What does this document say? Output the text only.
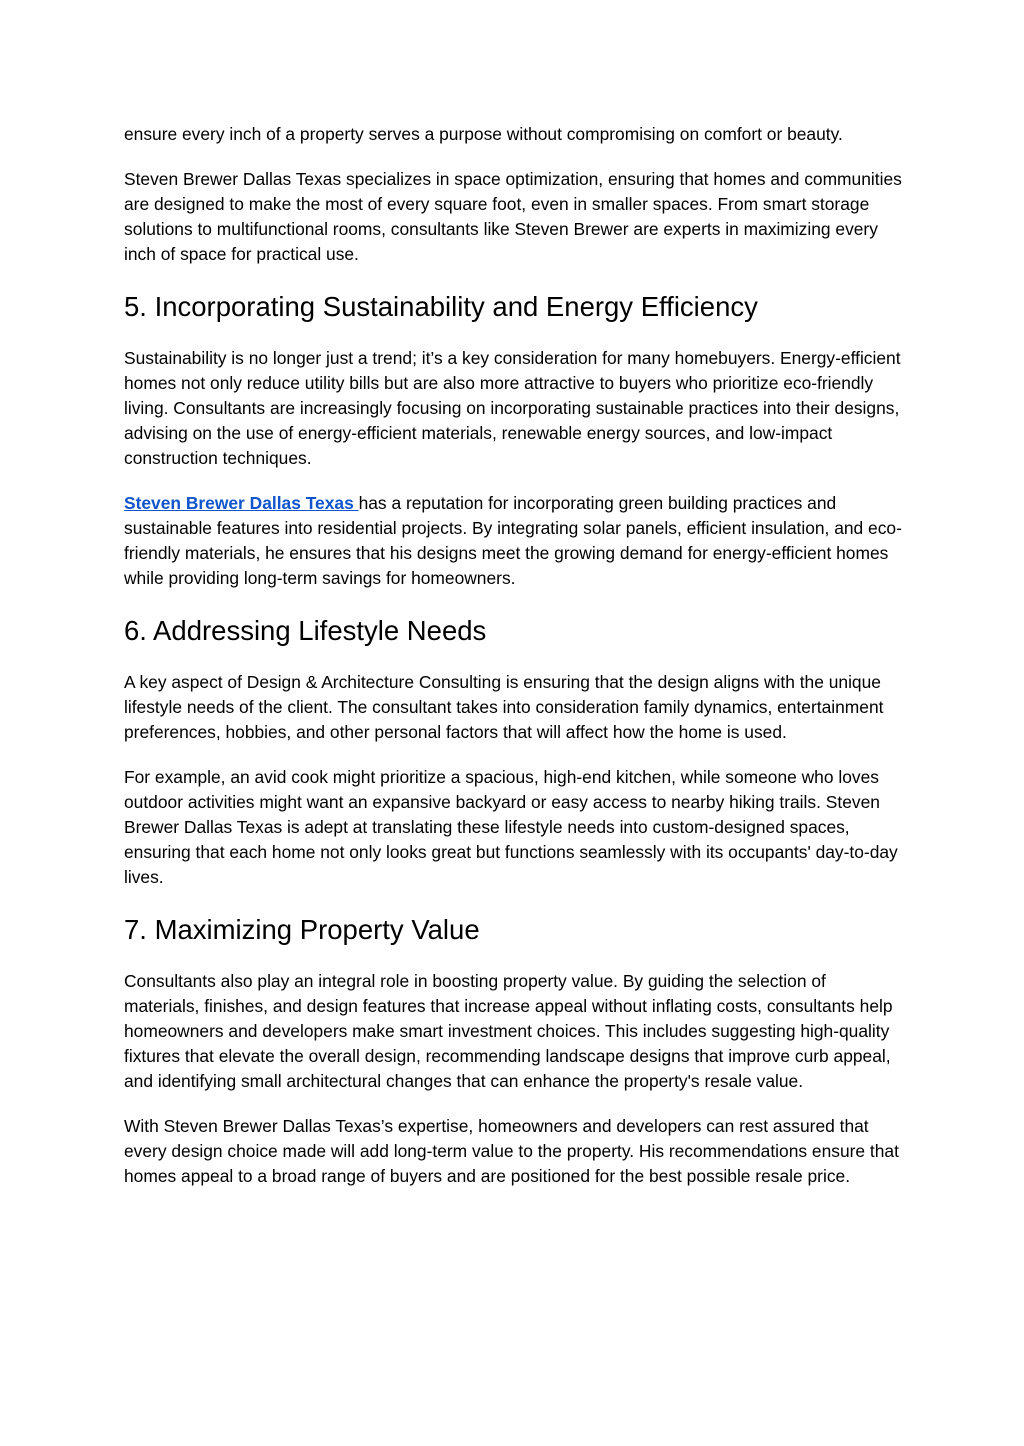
ensure every inch of a property serves a purpose without compromising on comfort or beauty.

Steven Brewer Dallas Texas specializes in space optimization, ensuring that homes and communities are designed to make the most of every square foot, even in smaller spaces. From smart storage solutions to multifunctional rooms, consultants like Steven Brewer are experts in maximizing every inch of space for practical use.

5. Incorporating Sustainability and Energy Efficiency

Sustainability is no longer just a trend; it’s a key consideration for many homebuyers. Energy-efficient homes not only reduce utility bills but are also more attractive to buyers who prioritize eco-friendly living. Consultants are increasingly focusing on incorporating sustainable practices into their designs, advising on the use of energy-efficient materials, renewable energy sources, and low-impact construction techniques.

Steven Brewer Dallas Texas has a reputation for incorporating green building practices and sustainable features into residential projects. By integrating solar panels, efficient insulation, and eco-friendly materials, he ensures that his designs meet the growing demand for energy-efficient homes while providing long-term savings for homeowners.

6. Addressing Lifestyle Needs

A key aspect of Design & Architecture Consulting is ensuring that the design aligns with the unique lifestyle needs of the client. The consultant takes into consideration family dynamics, entertainment preferences, hobbies, and other personal factors that will affect how the home is used.

For example, an avid cook might prioritize a spacious, high-end kitchen, while someone who loves outdoor activities might want an expansive backyard or easy access to nearby hiking trails. Steven Brewer Dallas Texas is adept at translating these lifestyle needs into custom-designed spaces, ensuring that each home not only looks great but functions seamlessly with its occupants' day-to-day lives.

7. Maximizing Property Value

Consultants also play an integral role in boosting property value. By guiding the selection of materials, finishes, and design features that increase appeal without inflating costs, consultants help homeowners and developers make smart investment choices. This includes suggesting high-quality fixtures that elevate the overall design, recommending landscape designs that improve curb appeal, and identifying small architectural changes that can enhance the property's resale value.

With Steven Brewer Dallas Texas’s expertise, homeowners and developers can rest assured that every design choice made will add long-term value to the property. His recommendations ensure that homes appeal to a broad range of buyers and are positioned for the best possible resale price.
